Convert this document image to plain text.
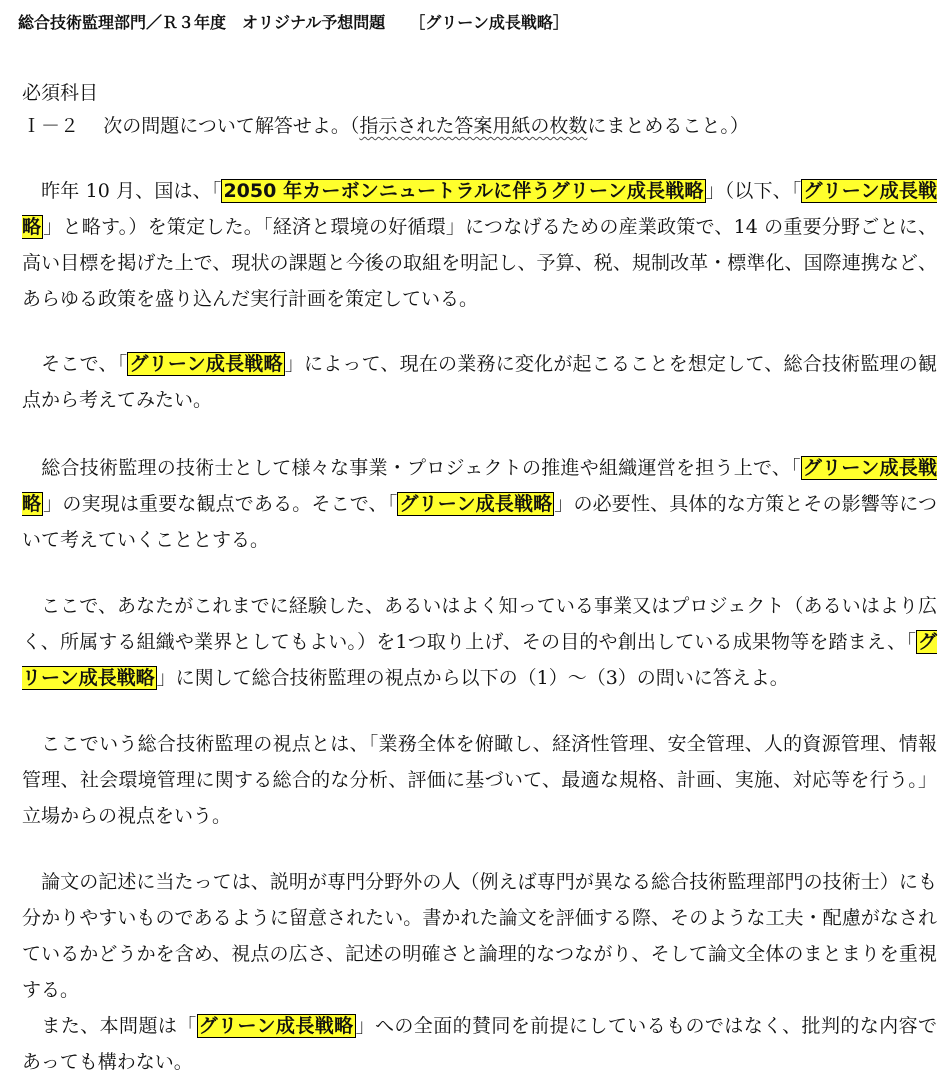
総合技術監理部門／Ｒ３年度　オリジナル予想問題　　［グリーン成長戦略］
必須科目
Ｉ－２ 次の問題について解答せよ。（指示された答案用紙の枚数にまとめること。）

　昨年 10 月、国は、「 2050 年カーボンニュートラルに伴うグリーン成長戦略 」（以下、「 グリーン成長戦略 」と略す。）を策定した。「経済と環境の好循環」につなげるための産業政策で、14 の重要分野ごとに、高い目標を掲げた上で、現状の課題と今後の取組を明記し、予算、税、規制改革・標準化、国際連携など、あらゆる政策を盛り込んだ実行計画を策定している。

　そこで、「 グリーン成長戦略 」によって、現在の業務に変化が起こることを想定して、総合技術監理の観点から考えてみたい。

　総合技術監理の技術士として様々な事業・プロジェクトの推進や組織運営を担う上で、「 グリーン成長戦略 」の実現は重要な観点である。そこで、「 グリーン成長戦略 」の必要性、具体的な方策とその影響等について考えていくこととする。

　ここで、あなたがこれまでに経験した、あるいはよく知っている事業又はプロジェクト（あるいはより広く、所属する組織や業界としてもよい。）を1つ取り上げ、その目的や創出している成果物等を踏まえ、「 グリーン成長戦略 」に関して総合技術監理の視点から以下の（1）～（3）の問いに答えよ。

　ここでいう総合技術監理の視点とは、「業務全体を俯瞰し、経済性管理、安全管理、人的資源管理、情報管理、社会環境管理に関する総合的な分析、評価に基づいて、最適な規格、計画、実施、対応等を行う。」立場からの視点をいう。

　論文の記述に当たっては、説明が専門分野外の人（例えば専門が異なる総合技術監理部門の技術士）にも分かりやすいものであるように留意されたい。書かれた論文を評価する際、そのような工夫・配慮がなされているかどうかを含め、視点の広さ、記述の明確さと論理的なつながり、そして論文全体のまとまりを重視する。
　また、本問題は「 グリーン成長戦略 」への全面的賛同を前提にしているものではなく、批判的な内容であっても構わない。
